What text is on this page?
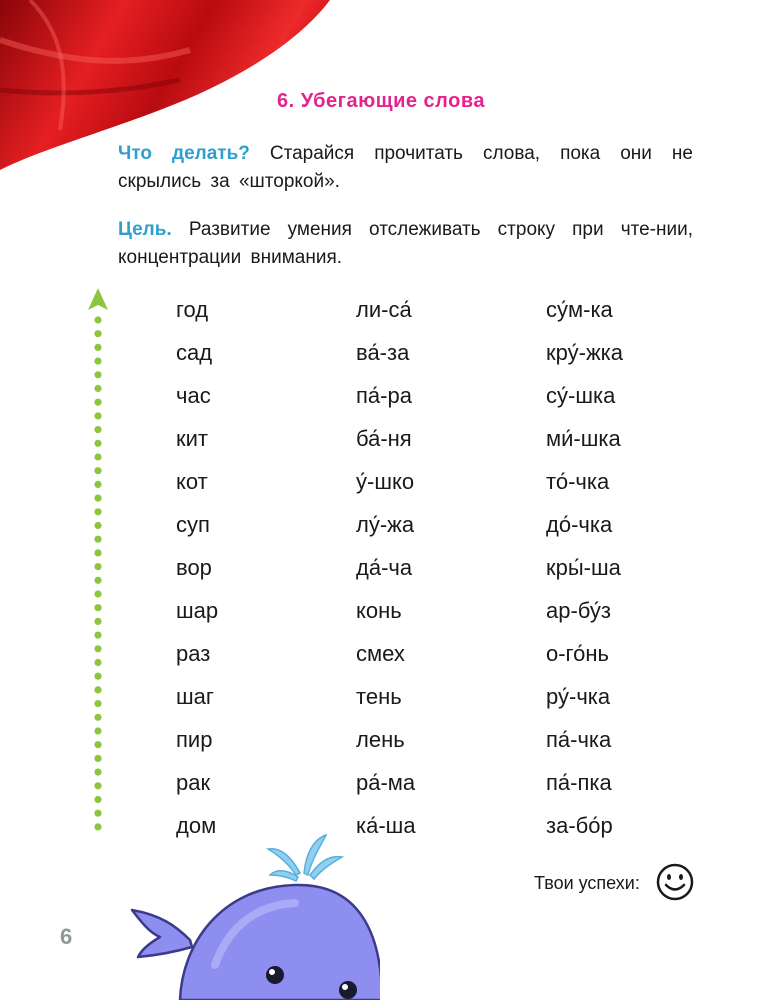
6. Убегающие слова
Что делать? Старайся прочитать слова, пока они не скрылись за «шторкой».
Цель. Развитие умения отслеживать строку при чте-нии, концентрации внимания.
год
сад
час
кит
кот
суп
вор
шар
раз
шаг
пир
рак
дом
ли-са́
ва́-за
па́-ра
ба́-ня
у́-шко
лу́-жа
да́-ча
конь
смех
тень
лень
ра́-ма
ка́-ша
су́м-ка
кру́-жка
су́-шка
ми́-шка
то́-чка
до́-чка
кры́-ша
ар-бу́з
о-го́нь
ру́-чка
па́-чка
па́-пка
за-бо́р
Твои успехи:
6
